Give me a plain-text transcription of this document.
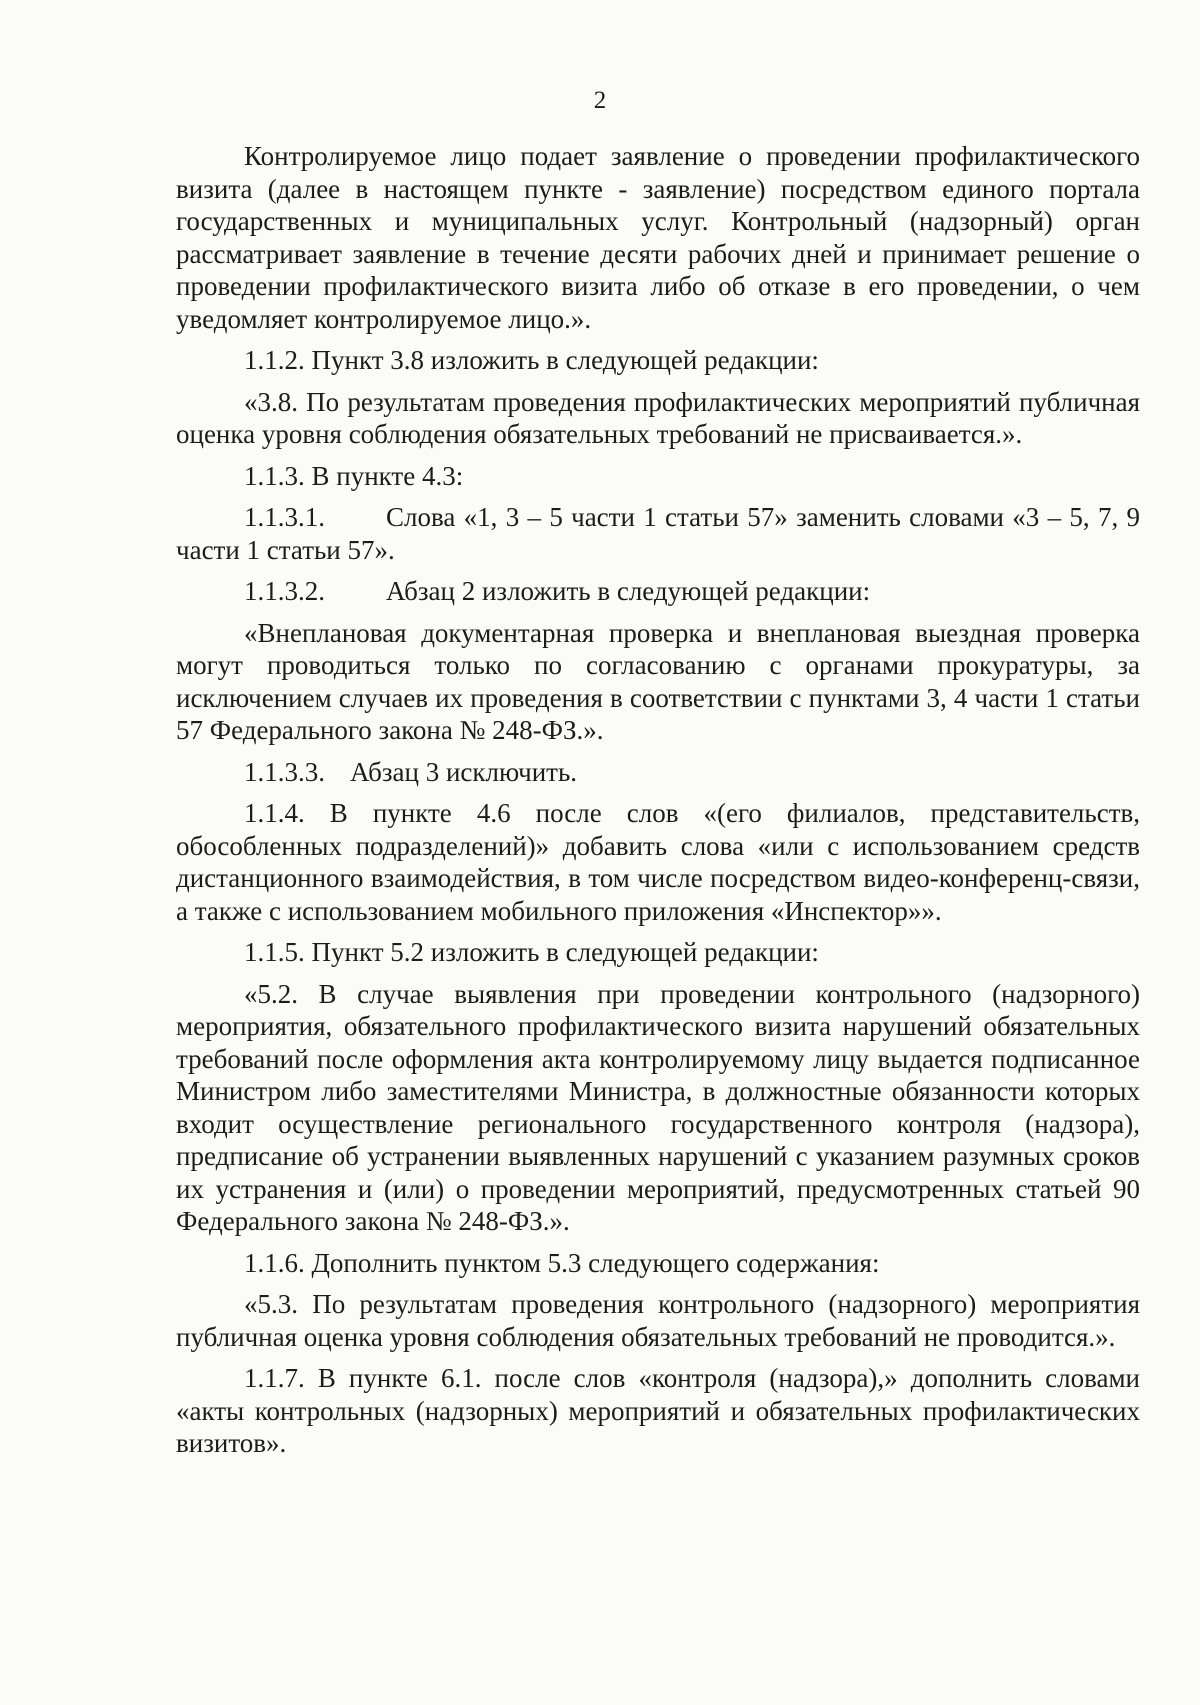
2

Контролируемое лицо подает заявление о проведении профилактического визита (далее в настоящем пункте - заявление) посредством единого портала государственных и муниципальных услуг. Контрольный (надзорный) орган рассматривает заявление в течение десяти рабочих дней и принимает решение о проведении профилактического визита либо об отказе в его проведении, о чем уведомляет контролируемое лицо.».

1.1.2. Пункт 3.8 изложить в следующей редакции:

«3.8. По результатам проведения профилактических мероприятий публичная оценка уровня соблюдения обязательных требований не присваивается.».

1.1.3. В пункте 4.3:

1.1.3.1. Слова «1, 3 – 5 части 1 статьи 57» заменить словами «3 – 5, 7, 9 части 1 статьи 57».

1.1.3.2. Абзац 2 изложить в следующей редакции:

«Внеплановая документарная проверка и внеплановая выездная проверка могут проводиться только по согласованию с органами прокуратуры, за исключением случаев их проведения в соответствии с пунктами 3, 4 части 1 статьи 57 Федерального закона № 248-ФЗ.».

1.1.3.3. Абзац 3 исключить.

1.1.4. В пункте 4.6 после слов «(его филиалов, представительств, обособленных подразделений)» добавить слова «или с использованием средств дистанционного взаимодействия, в том числе посредством видео-конференц-связи, а также с использованием мобильного приложения «Инспектор»».

1.1.5. Пункт 5.2 изложить в следующей редакции:

«5.2. В случае выявления при проведении контрольного (надзорного) мероприятия, обязательного профилактического визита нарушений обязательных требований после оформления акта контролируемому лицу выдается подписанное Министром либо заместителями Министра, в должностные обязанности которых входит осуществление регионального государственного контроля (надзора), предписание об устранении выявленных нарушений с указанием разумных сроков их устранения и (или) о проведении мероприятий, предусмотренных статьей 90 Федерального закона № 248-ФЗ.».

1.1.6. Дополнить пунктом 5.3 следующего содержания:

«5.3. По результатам проведения контрольного (надзорного) мероприятия публичная оценка уровня соблюдения обязательных требований не проводится.».

1.1.7. В пункте 6.1. после слов «контроля (надзора),» дополнить словами «акты контрольных (надзорных) мероприятий и обязательных профилактических визитов».
